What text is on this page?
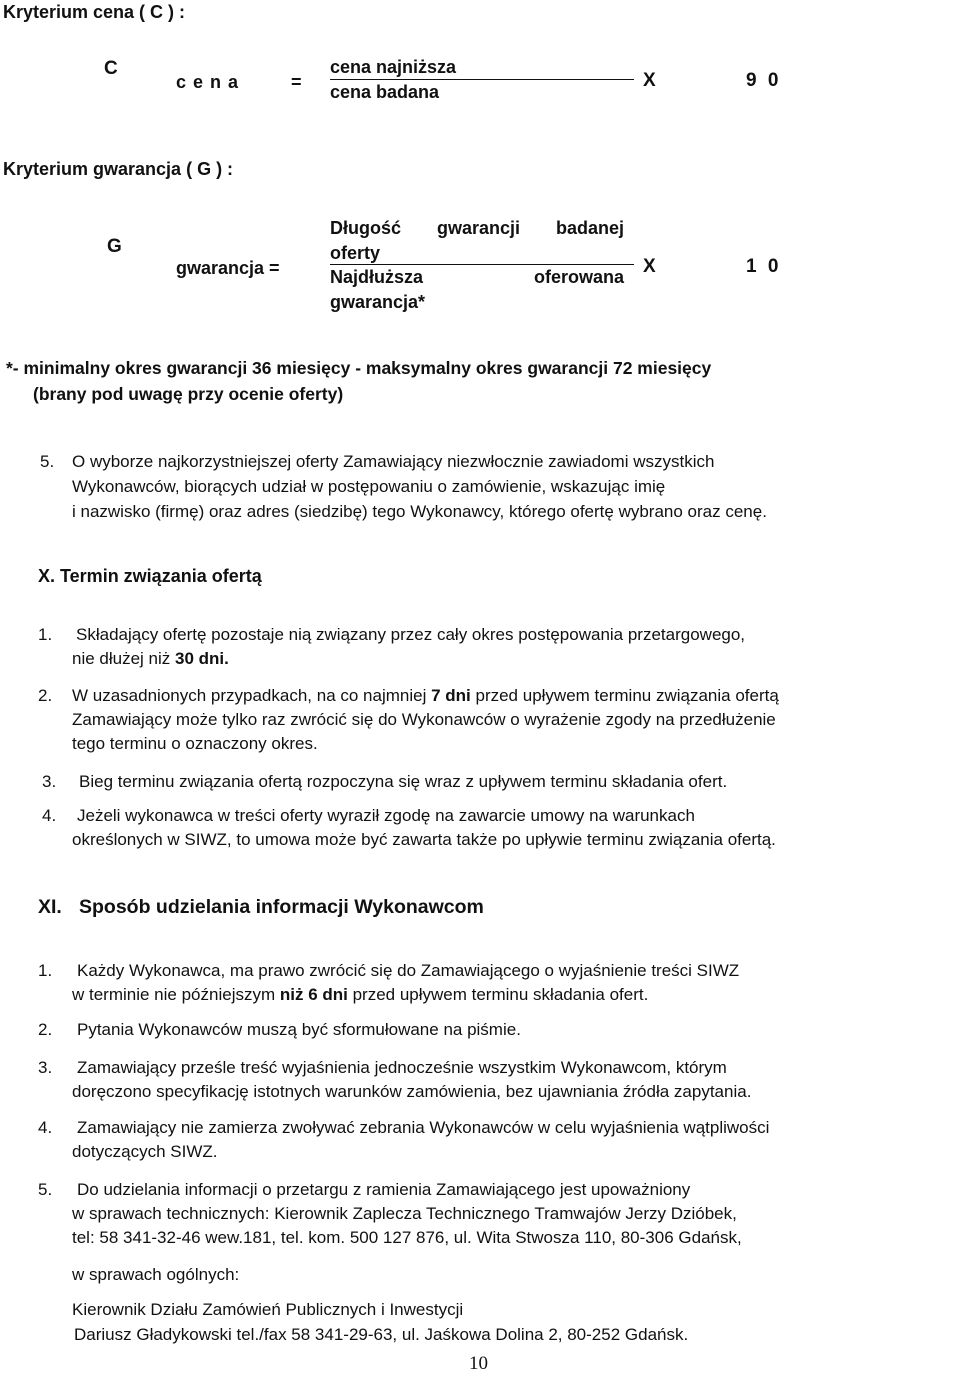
Kryterium cena ( C ) :
C
c e n a	=
cena najniższa
cena badana
X	9 0
Kryterium gwarancja ( G ) :
G
gwarancja =
Długość gwarancji badanej
oferty
Najdłuższa	oferowana
gwarancja*
X	1 0
*- minimalny okres gwarancji 36 miesięcy - maksymalny okres gwarancji 72 miesięcy
(brany pod uwagę przy ocenie oferty)
5. O wyborze najkorzystniejszej oferty Zamawiający niezwłocznie zawiadomi wszystkich
Wykonawców, biorących udział w postępowaniu o zamówienie, wskazując imię
i nazwisko (firmę) oraz adres (siedzibę) tego Wykonawcy, którego ofertę wybrano oraz cenę.
X. Termin związania ofertą
1. Składający ofertę pozostaje nią związany przez cały okres postępowania przetargowego,
nie dłużej niż 30 dni.
2. W uzasadnionych przypadkach, na co najmniej 7 dni przed upływem terminu związania ofertą
Zamawiający może tylko raz zwrócić się do Wykonawców o wyrażenie zgody na przedłużenie
tego terminu o oznaczony okres.
3. Bieg terminu związania ofertą rozpoczyna się wraz z upływem terminu składania ofert.
4. Jeżeli wykonawca w treści oferty wyraził zgodę na zawarcie umowy na warunkach
określonych w SIWZ, to umowa może być zawarta także po upływie terminu związania ofertą.
XI. Sposób udzielania informacji Wykonawcom
1. Każdy Wykonawca, ma prawo zwrócić się do Zamawiającego o wyjaśnienie treści SIWZ
w terminie nie późniejszym niż 6 dni przed upływem terminu składania ofert.
2. Pytania Wykonawców muszą być sformułowane na piśmie.
3. Zamawiający prześle treść wyjaśnienia jednocześnie wszystkim Wykonawcom, którym
doręczono specyfikację istotnych warunków zamówienia, bez ujawniania źródła zapytania.
4. Zamawiający nie zamierza zwoływać zebrania Wykonawców w celu wyjaśnienia wątpliwości
dotyczących SIWZ.
5. Do udzielania informacji o przetargu z ramienia Zamawiającego jest upoważniony
w sprawach technicznych: Kierownik Zaplecza Technicznego Tramwajów Jerzy Dzióbek,
tel: 58 341-32-46 wew.181, tel. kom. 500 127 876, ul. Wita Stwosza 110, 80-306 Gdańsk,
w sprawach ogólnych:
Kierownik Działu Zamówień Publicznych i Inwestycji
Dariusz Gładykowski tel./fax 58 341-29-63, ul. Jaśkowa Dolina 2, 80-252 Gdańsk.
10
